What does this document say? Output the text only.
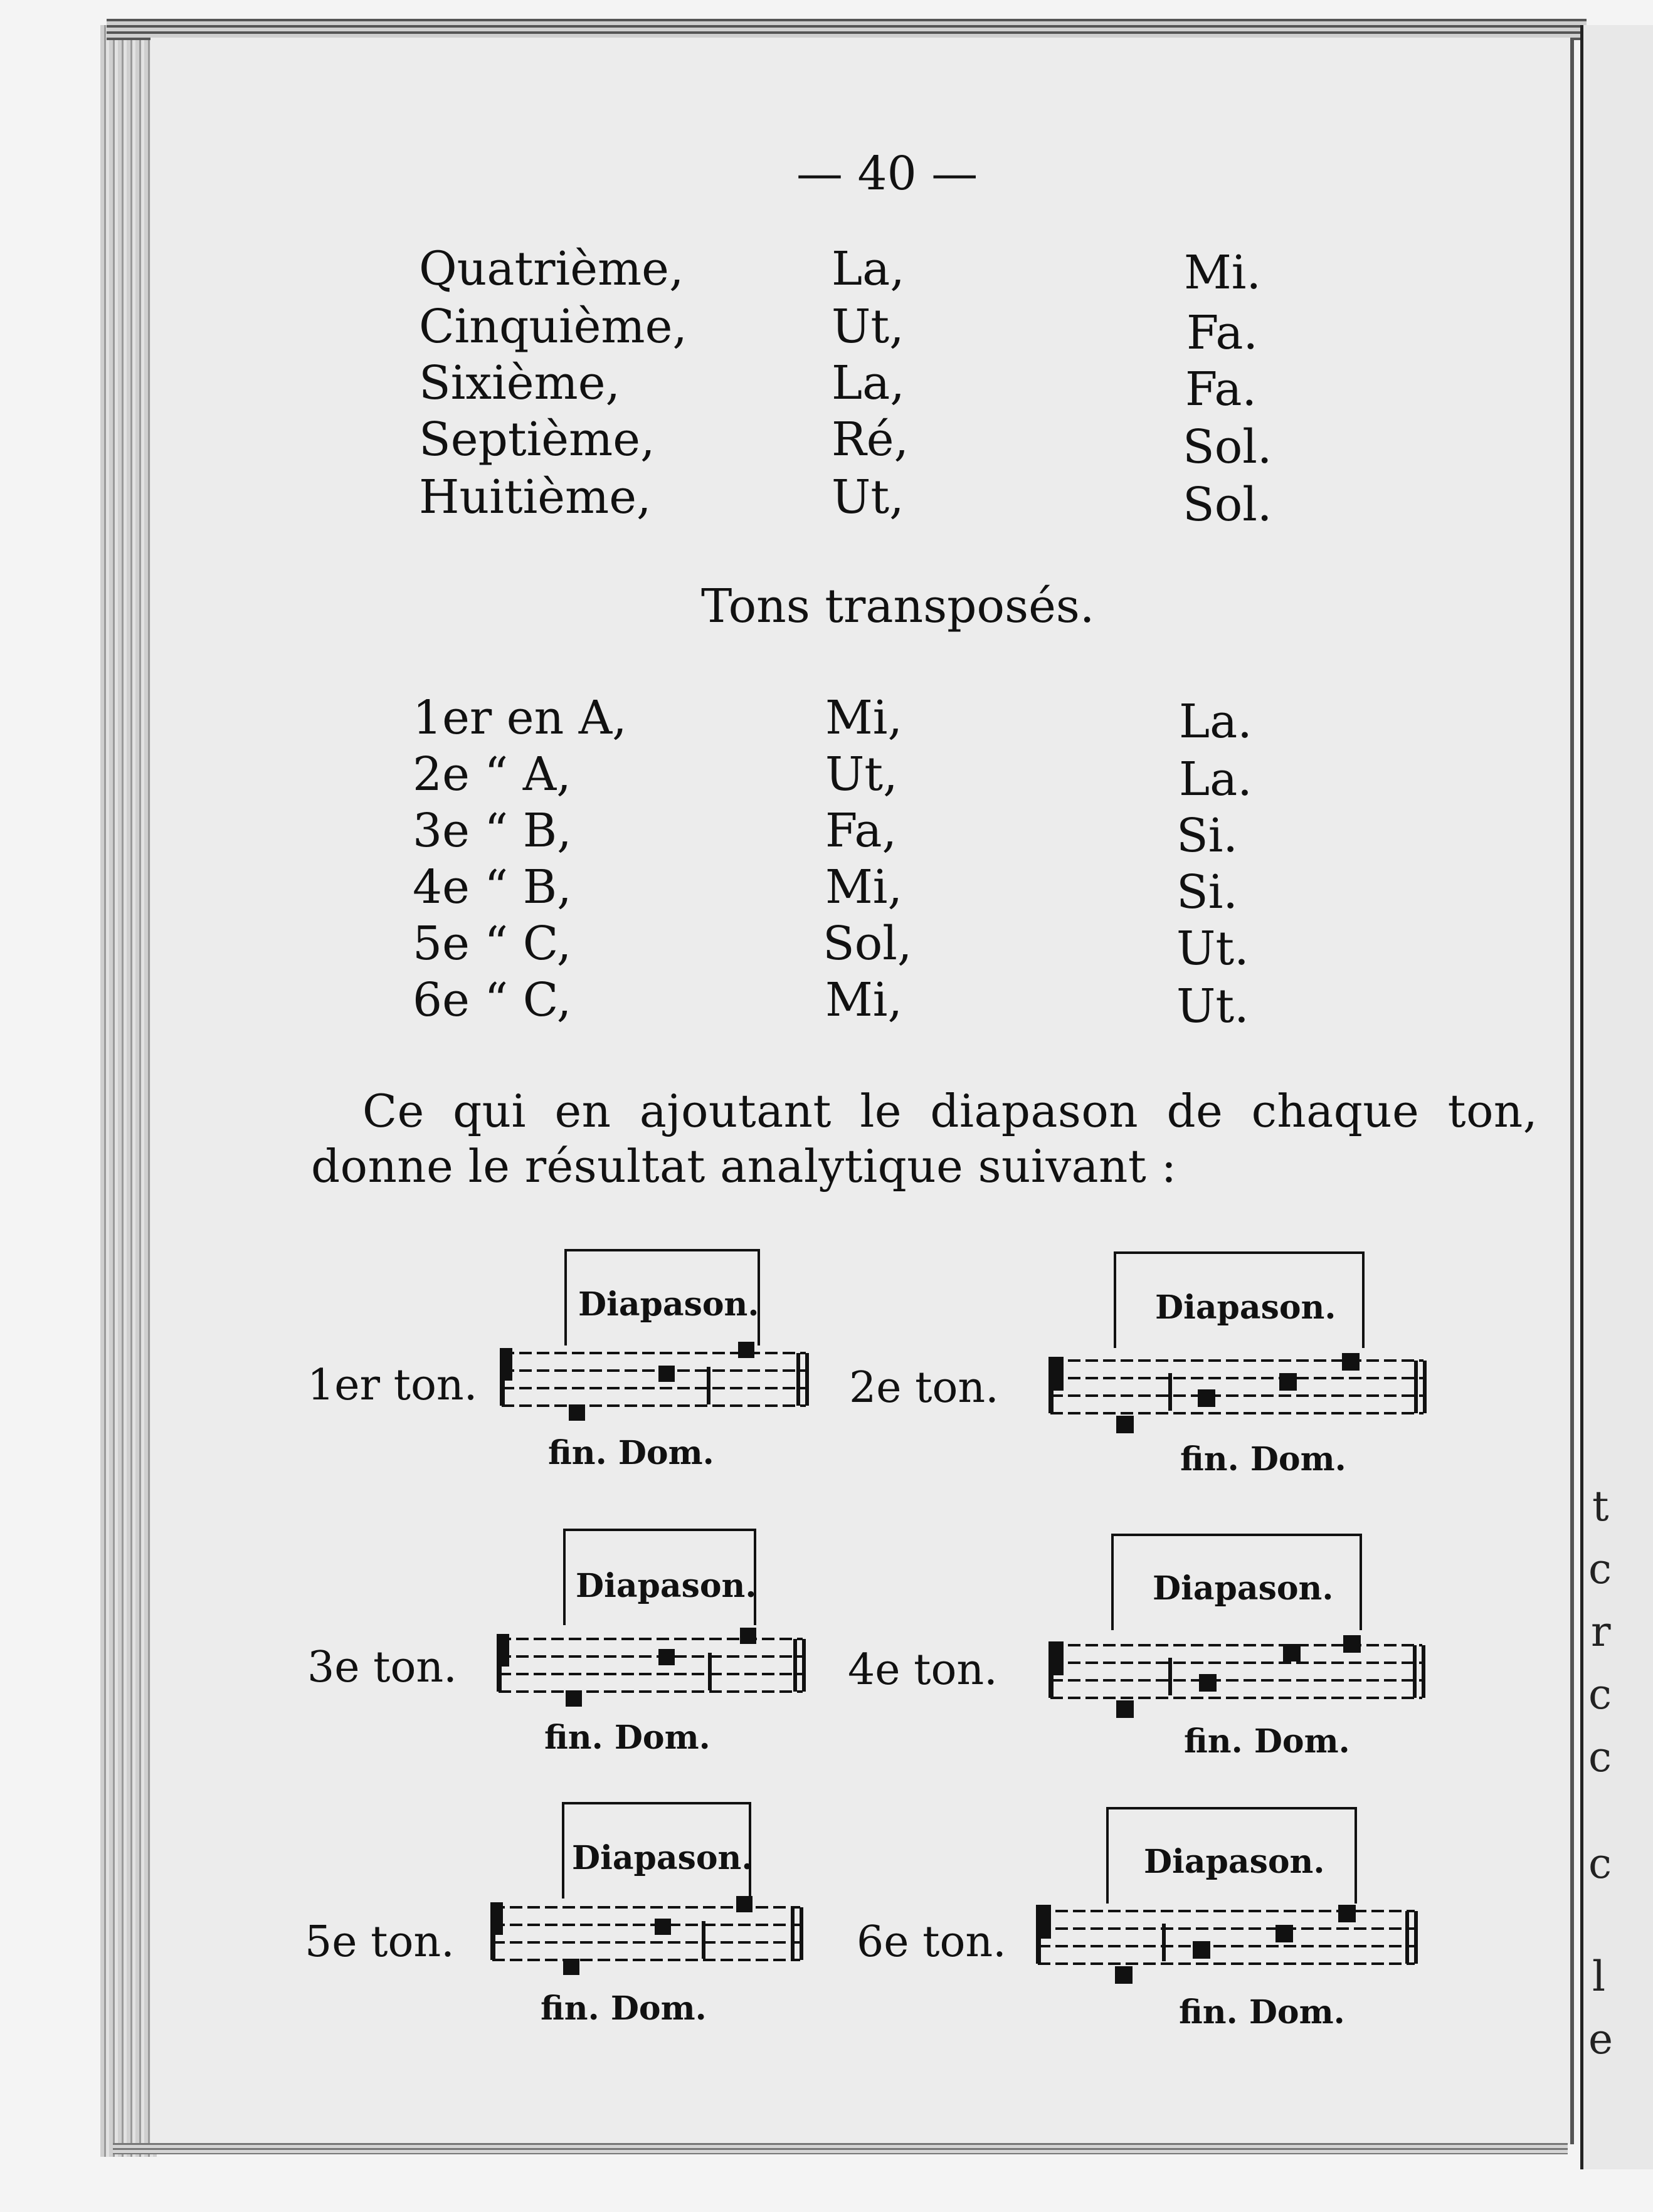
t
c
r
c
c
c
l
e
— 40 —
Quatrième,	La,	Mi.
Cinquième,	Ut,	Fa.
Sixième,	La,	Fa.
Septième,	Ré,	Sol.
Huitième,	Ut,	Sol.
Tons transposés.
1er en A,	Mi,	La.
2e “ A,	Ut,	La.
3e “ B,	Fa,	Si.
4e “ B,	Mi,	Si.
5e “ C,	Sol,	Ut.
6e “ C,	Mi,	Ut.
Ce qui en ajoutant le diapason de chaque ton,
donne le résultat analytique suivant :
Diapason.
1er ton.
fin. Dom.
Diapason.
2e ton.
fin. Dom.
Diapason.
3e ton.
fin. Dom.
Diapason.
4e ton.
fin. Dom.
Diapason.
5e ton.
fin. Dom.
Diapason.
6e ton.
fin. Dom.
